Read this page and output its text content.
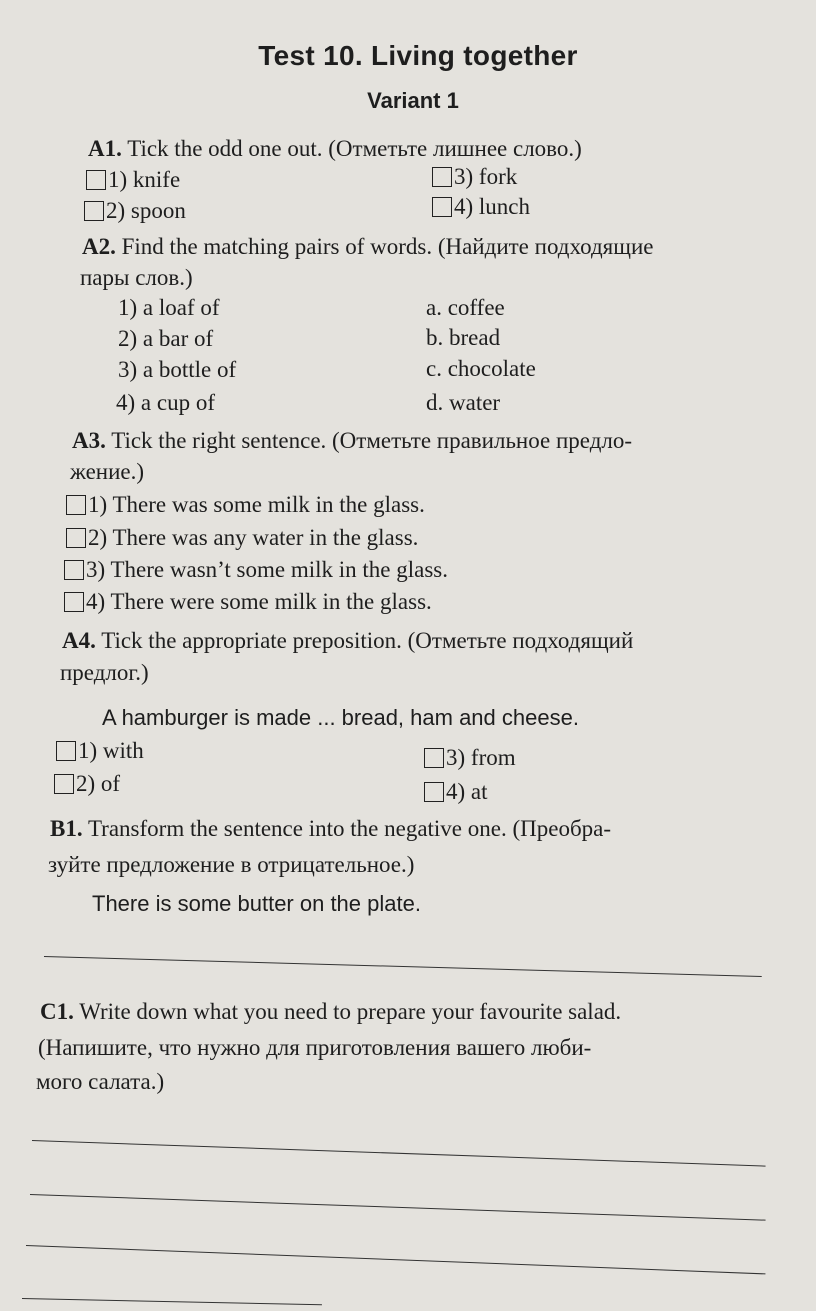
Test 10. Living together
Variant 1
A1. Tick the odd one out. (Отметьте лишнее слово.)
1) knife	3) fork
2) spoon	4) lunch
A2. Find the matching pairs of words. (Найдите подходящие
пары слов.)
1) a loaf of	a. coffee
2) a bar of	b. bread
3) a bottle of	c. chocolate
4) a cup of	d. water
A3. Tick the right sentence. (Отметьте правильное предло-
жение.)
1) There was some milk in the glass.
2) There was any water in the glass.
3) There wasn’t some milk in the glass.
4) There were some milk in the glass.
A4. Tick the appropriate preposition. (Отметьте подходящий
предлог.)
A hamburger is made ... bread, ham and cheese.
1) with	3) from
2) of	4) at
B1. Transform the sentence into the negative one. (Преобра-
зуйте предложение в отрицательное.)
There is some butter on the plate.
C1. Write down what you need to prepare your favourite salad.
(Напишите, что нужно для приготовления вашего люби-
мого салата.)
